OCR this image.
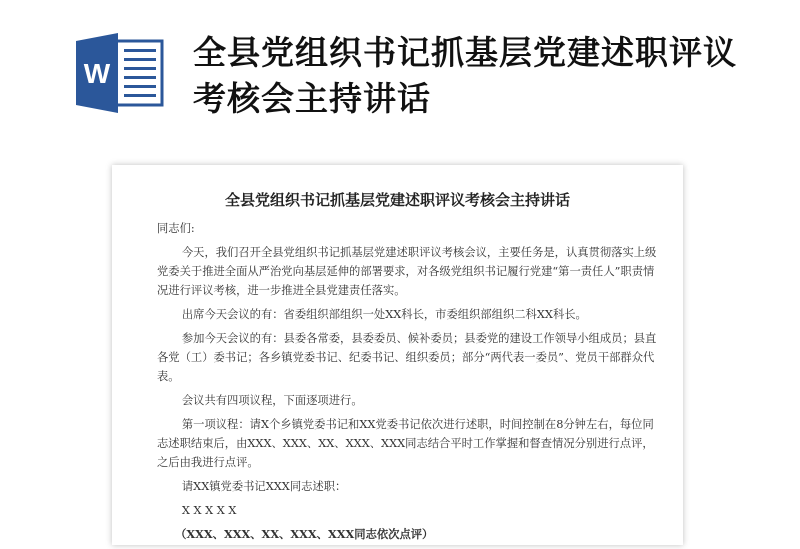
W
全县党组织书记抓基层党建述职评议考核会主持讲话
全县党组织书记抓基层党建述职评议考核会主持讲话

同志们:

今天，我们召开全县党组织书记抓基层党建述职评议考核会议，主要任务是，认真贯彻落实上级党委关于推进全面从严治党向基层延伸的部署要求，对各级党组织书记履行党建“第一责任人”职责情况进行评议考核，进一步推进全县党建责任落实。

出席今天会议的有：省委组织部组织一处XX科长，市委组织部组织二科XX科长。

参加今天会议的有：县委各常委，县委委员、候补委员；县委党的建设工作领导小组成员；县直各党（工）委书记；各乡镇党委书记、纪委书记、组织委员；部分“两代表一委员”、党员干部群众代表。

会议共有四项议程，下面逐项进行。

第一项议程：请X个乡镇党委书记和XX党委书记依次进行述职，时间控制在8分钟左右，每位同志述职结束后，由XXX、XXX、XX、XXX、XXX同志结合平时工作掌握和督查情况分别进行点评，之后由我进行点评。

请XX镇党委书记XXX同志述职：

X X X X X

（XXX、XXX、XX、XXX、XXX同志依次点评）
